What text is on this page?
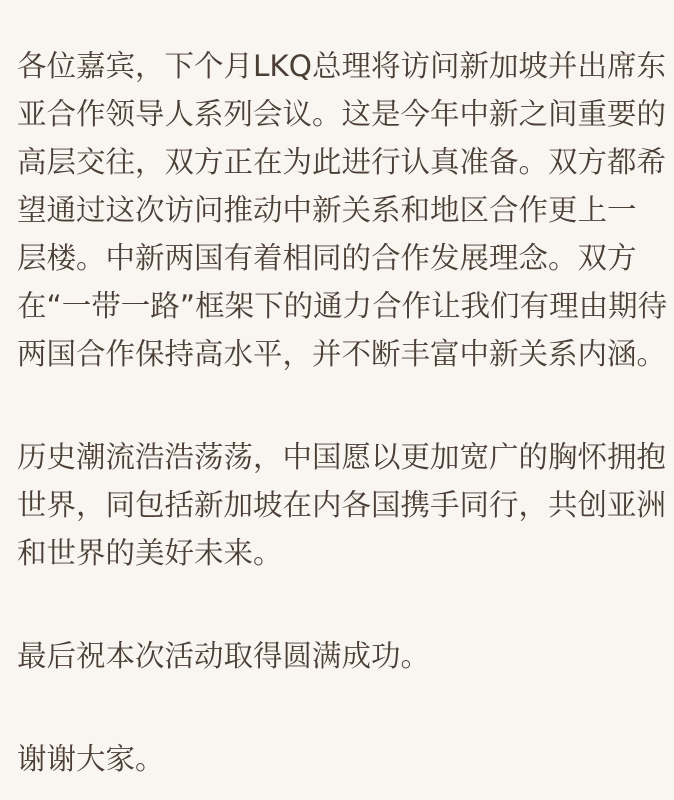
各位嘉宾，下个月LKQ总理将访问新加坡并出席东
亚合作领导人系列会议。这是今年中新之间重要的
高层交往，双方正在为此进行认真准备。双方都希
望通过这次访问推动中新关系和地区合作更上一
层楼。中新两国有着相同的合作发展理念。双方
在“一带一路”框架下的通力合作让我们有理由期待
两国合作保持高水平，并不断丰富中新关系内涵。
历史潮流浩浩荡荡，中国愿以更加宽广的胸怀拥抱
世界，同包括新加坡在内各国携手同行，共创亚洲
和世界的美好未来。
最后祝本次活动取得圆满成功。
谢谢大家。
